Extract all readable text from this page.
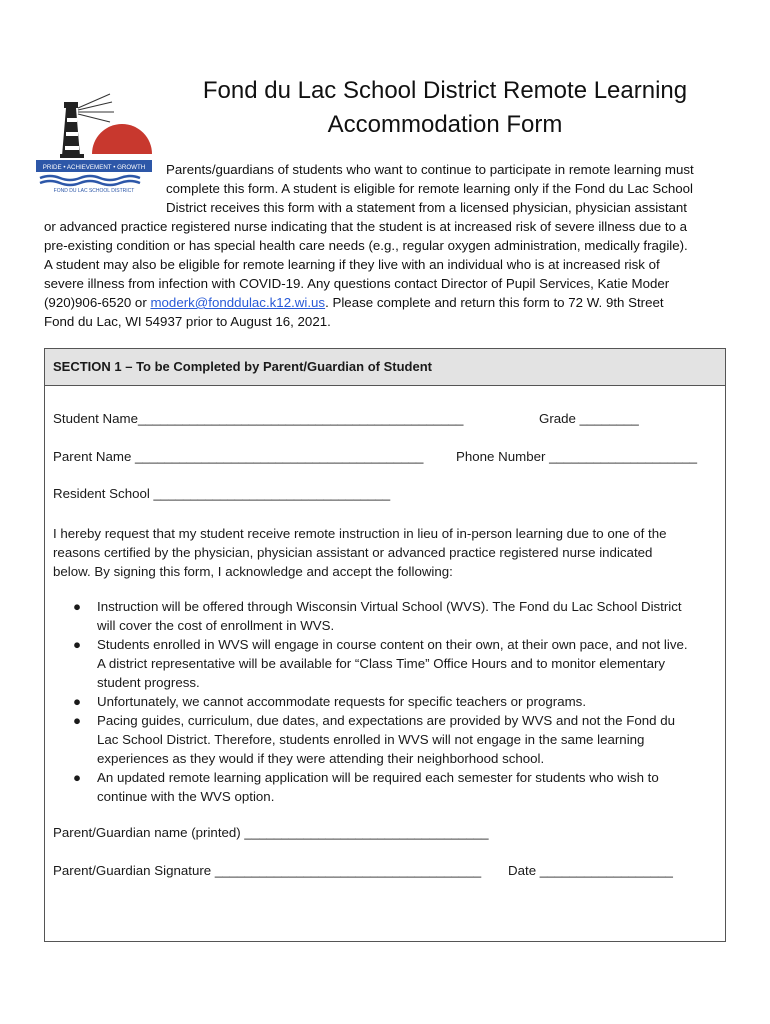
PRIDE • ACHIEVEMENT • GROWTH
FOND DU LAC SCHOOL DISTRICT
Fond du Lac School District Remote Learning
Accommodation Form

Parents/guardians of students who want to continue to participate in remote learning must

complete this form. A student is eligible for remote learning only if the Fond du Lac School

District receives this form with a statement from a licensed physician, physician assistant

or advanced practice registered nurse indicating that the student is at increased risk of severe illness due to a

pre-existing condition or has special health care needs (e.g., regular oxygen administration, medically fragile).

A student may also be eligible for remote learning if they live with an individual who is at increased risk of

severe illness from infection with COVID-19. Any questions contact Director of Pupil Services, Katie Moder

(920)906-6520 or moderk@fonddulac.k12.wi.us. Please complete and return this form to 72 W. 9th Street

Fond du Lac, WI 54937 prior to August 16, 2021.

SECTION 1 – To be Completed by Parent/Guardian of Student
Student Name____________________________________________	Grade ________
Parent Name _______________________________________ Phone Number ____________________
Resident School ________________________________

I hereby request that my student receive remote instruction in lieu of in-person learning due to one of the

reasons certified by the physician, physician assistant or advanced practice registered nurse indicated

below. By signing this form, I acknowledge and accept the following:

● Instruction will be offered through Wisconsin Virtual School (WVS). The Fond du Lac School District
will cover the cost of enrollment in WVS.
● Students enrolled in WVS will engage in course content on their own, at their own pace, and not live.
A district representative will be available for “Class Time” Office Hours and to monitor elementary
student progress.
● Unfortunately, we cannot accommodate requests for specific teachers or programs.
● Pacing guides, curriculum, due dates, and expectations are provided by WVS and not the Fond du
Lac School District. Therefore, students enrolled in WVS will not engage in the same learning
experiences as they would if they were attending their neighborhood school.
● An updated remote learning application will be required each semester for students who wish to
continue with the WVS option.
Parent/Guardian name (printed) _________________________________
Parent/Guardian Signature ____________________________________ Date __________________
